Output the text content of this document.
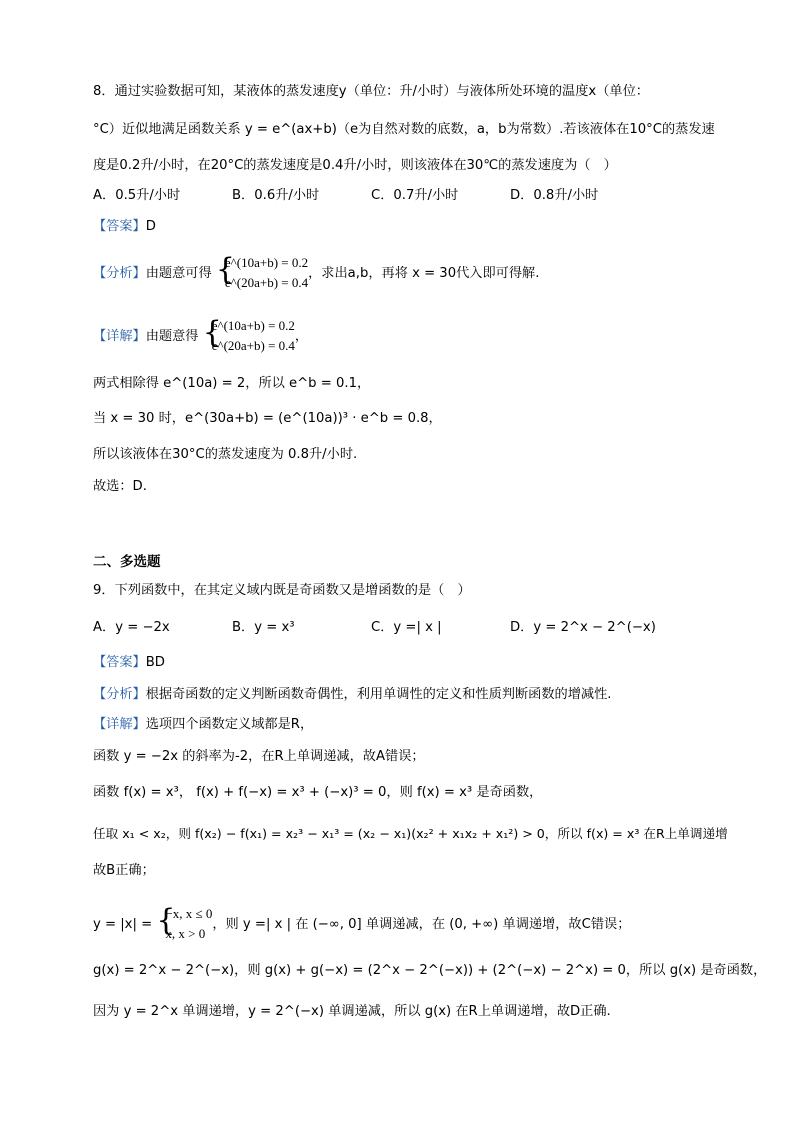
8．通过实验数据可知，某液体的蒸发速度y（单位：升/小时）与液体所处环境的温度x（单位：
°C）近似地满足函数关系 y = e^(ax+b)（e为自然对数的底数，a，b为常数）.若该液体在10°C的蒸发速
度是0.2升/小时，在20°C的蒸发速度是0.4升/小时，则该液体在30℃的蒸发速度为（　）
A．0.5升/小时	B．0.6升/小时	C．0.7升/小时	D．0.8升/小时
【答案】D
【分析】由题意可得 {
e^(10a+b) = 0.2
e^(20a+b) = 0.4
，求出a,b，再将 x = 30代入即可得解.
【详解】由题意得 {
e^(10a+b) = 0.2
e^(20a+b) = 0.4
，
两式相除得 e^(10a) = 2，所以 e^b = 0.1，
当 x = 30 时，e^(30a+b) = (e^(10a))³ · e^b = 0.8，
所以该液体在30°C的蒸发速度为 0.8升/小时.
故选：D.
二、多选题
9．下列函数中，在其定义域内既是奇函数又是增函数的是（　）
A．y = −2x	B．y = x³	C．y =| x |	D．y = 2^x − 2^(−x)
【答案】BD
【分析】根据奇函数的定义判断函数奇偶性，利用单调性的定义和性质判断函数的增减性.
【详解】选项四个函数定义域都是R，
函数 y = −2x 的斜率为-2，在R上单调递减，故A错误；
函数 f(x) = x³， f(x) + f(−x) = x³ + (−x)³ = 0，则 f(x) = x³ 是奇函数，
任取 x₁ < x₂，则 f(x₂) − f(x₁) = x₂³ − x₁³ = (x₂ − x₁)(x₂² + x₁x₂ + x₁²) > 0，所以 f(x) = x³ 在R上单调递增
故B正确；
y = |x| = {
−x, x ≤ 0
x, x > 0
，则 y =| x | 在 (−∞, 0] 单调递减，在 (0, +∞) 单调递增，故C错误；
g(x) = 2^x − 2^(−x)，则 g(x) + g(−x) = (2^x − 2^(−x)) + (2^(−x) − 2^x) = 0，所以 g(x) 是奇函数，
因为 y = 2^x 单调递增，y = 2^(−x) 单调递减，所以 g(x) 在R上单调递增，故D正确.
